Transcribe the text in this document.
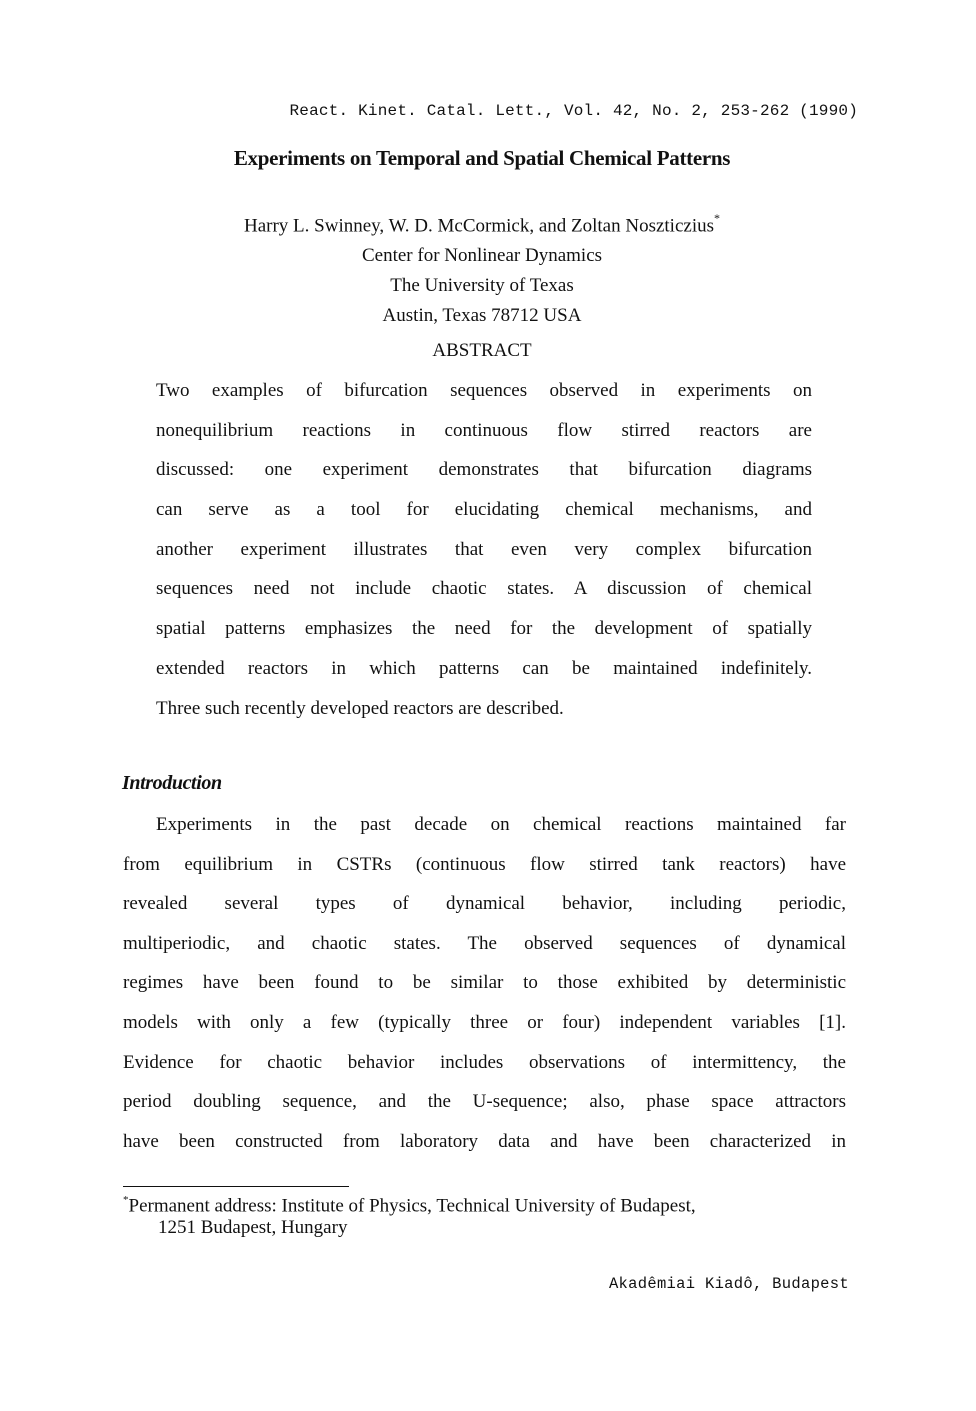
React. Kinet. Catal. Lett., Vol. 42, No. 2, 253-262 (1990)
Experiments on Temporal and Spatial Chemical Patterns
Harry L. Swinney, W. D. McCormick, and Zoltan Noszticzius*
Center for Nonlinear Dynamics
The University of Texas
Austin, Texas 78712 USA
ABSTRACT
Two examples of bifurcation sequences observed in experiments on
nonequilibrium reactions in continuous flow stirred reactors are
discussed: one experiment demonstrates that bifurcation diagrams
can serve as a tool for elucidating chemical mechanisms, and
another experiment illustrates that even very complex bifurcation
sequences need not include chaotic states. A discussion of chemical
spatial patterns emphasizes the need for the development of spatially
extended reactors in which patterns can be maintained indefinitely.
Three such recently developed reactors are described.
Introduction
Experiments in the past decade on chemical reactions maintained far
from equilibrium in CSTRs (continuous flow stirred tank reactors) have
revealed several types of dynamical behavior, including periodic,
multiperiodic, and chaotic states. The observed sequences of dynamical
regimes have been found to be similar to those exhibited by deterministic
models with only a few (typically three or four) independent variables [1].
Evidence for chaotic behavior includes observations of intermittency, the
period doubling sequence, and the U-sequence; also, phase space attractors
have been constructed from laboratory data and have been characterized in
*Permanent address: Institute of Physics, Technical University of Budapest,
1251 Budapest, Hungary
Akadêmiai Kiadô, Budapest
